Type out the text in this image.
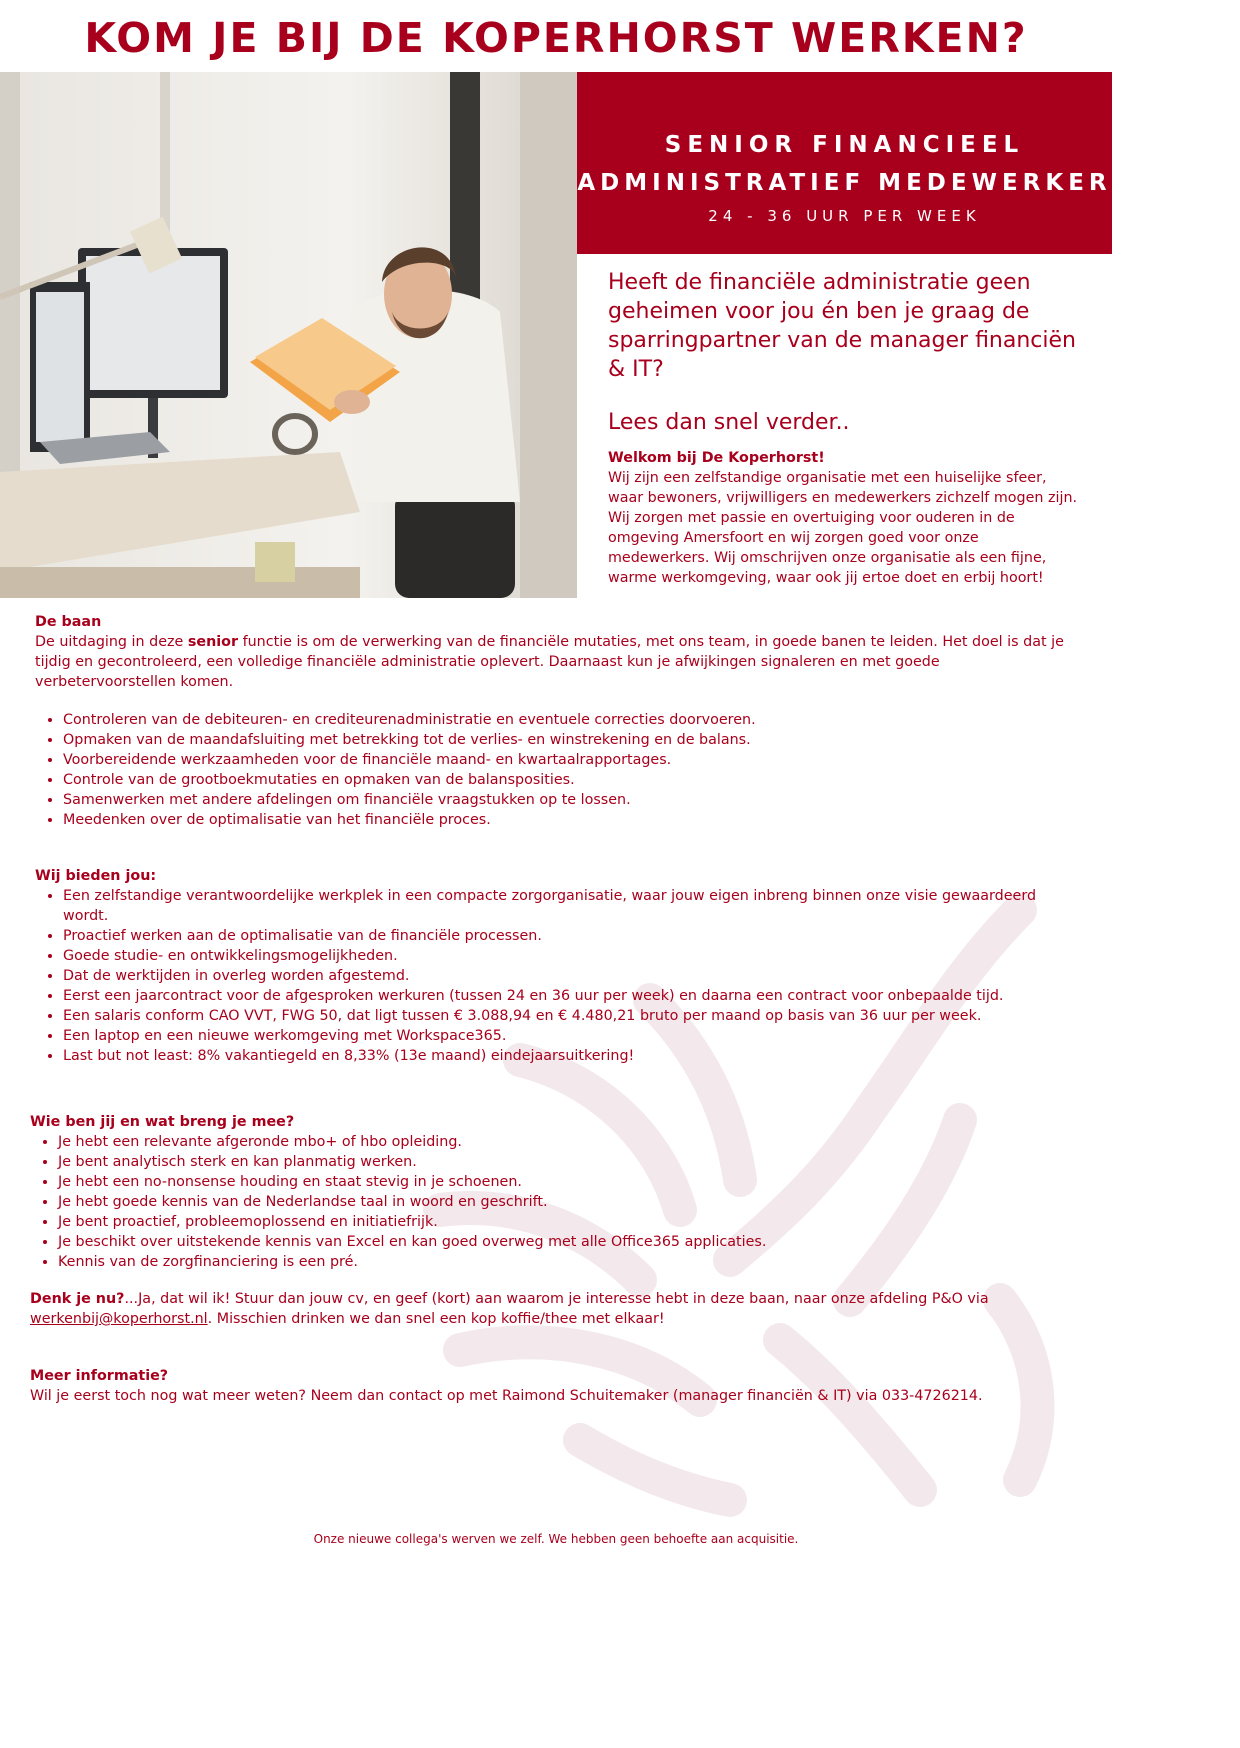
KOM JE BIJ DE KOPERHORST WERKEN?
SENIOR FINANCIEEL
ADMINISTRATIEF MEDEWERKER
24 - 36 UUR PER WEEK
Heeft de financiële administratie geen geheimen voor jou én ben je graag de sparringpartner van de manager financiën & IT?
Lees dan snel verder..
Welkom bij De Koperhorst!
Wij zijn een zelfstandige organisatie met een huiselijke sfeer, waar bewoners, vrijwilligers en medewerkers zichzelf mogen zijn. Wij zorgen met passie en overtuiging voor ouderen in de omgeving Amersfoort en wij zorgen goed voor onze medewerkers. Wij omschrijven onze organisatie als een fijne, warme werkomgeving, waar ook jij ertoe doet en erbij hoort!
De baan
De uitdaging in deze senior functie is om de verwerking van de financiële mutaties, met ons team, in goede banen te leiden. Het doel is dat je tijdig en gecontroleerd, een volledige financiële administratie oplevert. Daarnaast kun je afwijkingen signaleren en met goede verbetervoorstellen komen.
• Controleren van de debiteuren- en crediteurenadministratie en eventuele correcties doorvoeren.
• Opmaken van de maandafsluiting met betrekking tot de verlies- en winstrekening en de balans.
• Voorbereidende werkzaamheden voor de financiële maand- en kwartaalrapportages.
• Controle van de grootboekmutaties en opmaken van de balansposities.
• Samenwerken met andere afdelingen om financiële vraagstukken op te lossen.
• Meedenken over de optimalisatie van het financiële proces.
Wij bieden jou:
• Een zelfstandige verantwoordelijke werkplek in een compacte zorgorganisatie, waar jouw eigen inbreng binnen onze visie gewaardeerd wordt.
• Proactief werken aan de optimalisatie van de financiële processen.
• Goede studie- en ontwikkelingsmogelijkheden.
• Dat de werktijden in overleg worden afgestemd.
• Eerst een jaarcontract voor de afgesproken werkuren (tussen 24 en 36 uur per week) en daarna een contract voor onbepaalde tijd.
• Een salaris conform CAO VVT, FWG 50, dat ligt tussen € 3.088,94 en € 4.480,21 bruto per maand op basis van 36 uur per week.
• Een laptop en een nieuwe werkomgeving met Workspace365.
• Last but not least: 8% vakantiegeld en 8,33% (13e maand) eindejaarsuitkering!
Wie ben jij en wat breng je mee?
• Je hebt een relevante afgeronde mbo+ of hbo opleiding.
• Je bent analytisch sterk en kan planmatig werken.
• Je hebt een no-nonsense houding en staat stevig in je schoenen.
• Je hebt goede kennis van de Nederlandse taal in woord en geschrift.
• Je bent proactief, probleemoplossend en initiatiefrijk.
• Je beschikt over uitstekende kennis van Excel en kan goed overweg met alle Office365 applicaties.
• Kennis van de zorgfinanciering is een pré.
Denk je nu?...Ja, dat wil ik! Stuur dan jouw cv, en geef (kort) aan waarom je interesse hebt in deze baan, naar onze afdeling P&O via werkenbij@koperhorst.nl. Misschien drinken we dan snel een kop koffie/thee met elkaar!
Meer informatie?
Wil je eerst toch nog wat meer weten? Neem dan contact op met Raimond Schuitemaker (manager financiën & IT) via 033-4726214.
Onze nieuwe collega's werven we zelf. We hebben geen behoefte aan acquisitie.
